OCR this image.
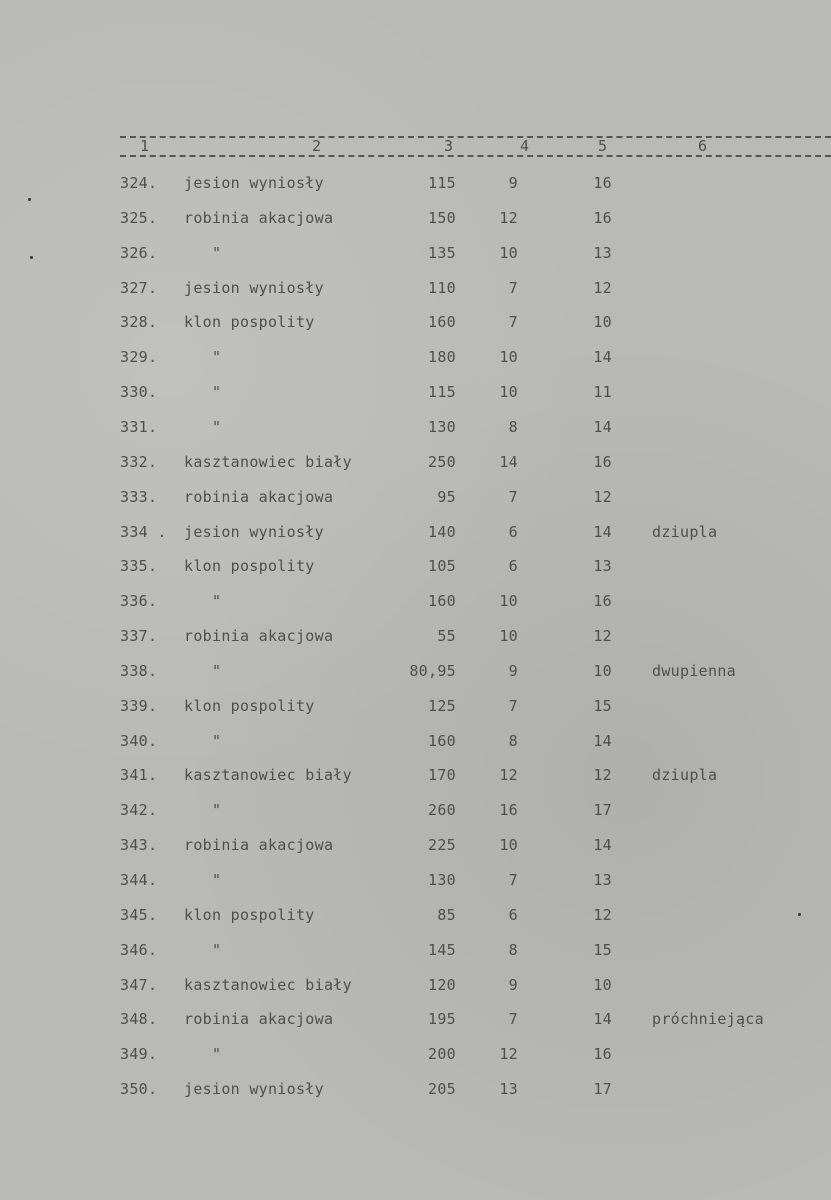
1	2	3	4	5	6
324. jesion wyniosły	115	9	16
325. robinia akacjowa	150	12	16
326. "	135	10	13
327. jesion wyniosły	110	7	12
328. klon pospolity	160	7	10
329. "	180	10	14
330. "	115	10	11
331. "	130	8	14
332. kasztanowiec biały	250	14	16
333. robinia akacjowa	95	7	12
334 . jesion wyniosły	140	6	14	dziupla
335. klon pospolity	105	6	13
336. "	160	10	16
337. robinia akacjowa	55	10	12
338. "	80,95	9	10	dwupienna
339. klon pospolity	125	7	15
340. "	160	8	14
341. kasztanowiec biały	170	12	12	dziupla
342. "	260	16	17
343. robinia akacjowa	225	10	14
344. "	130	7	13
345. klon pospolity	85	6	12
346. "	145	8	15
347. kasztanowiec biały	120	9	10
348. robinia akacjowa	195	7	14	próchniejąca
349. "	200	12	16
350. jesion wyniosły	205	13	17
